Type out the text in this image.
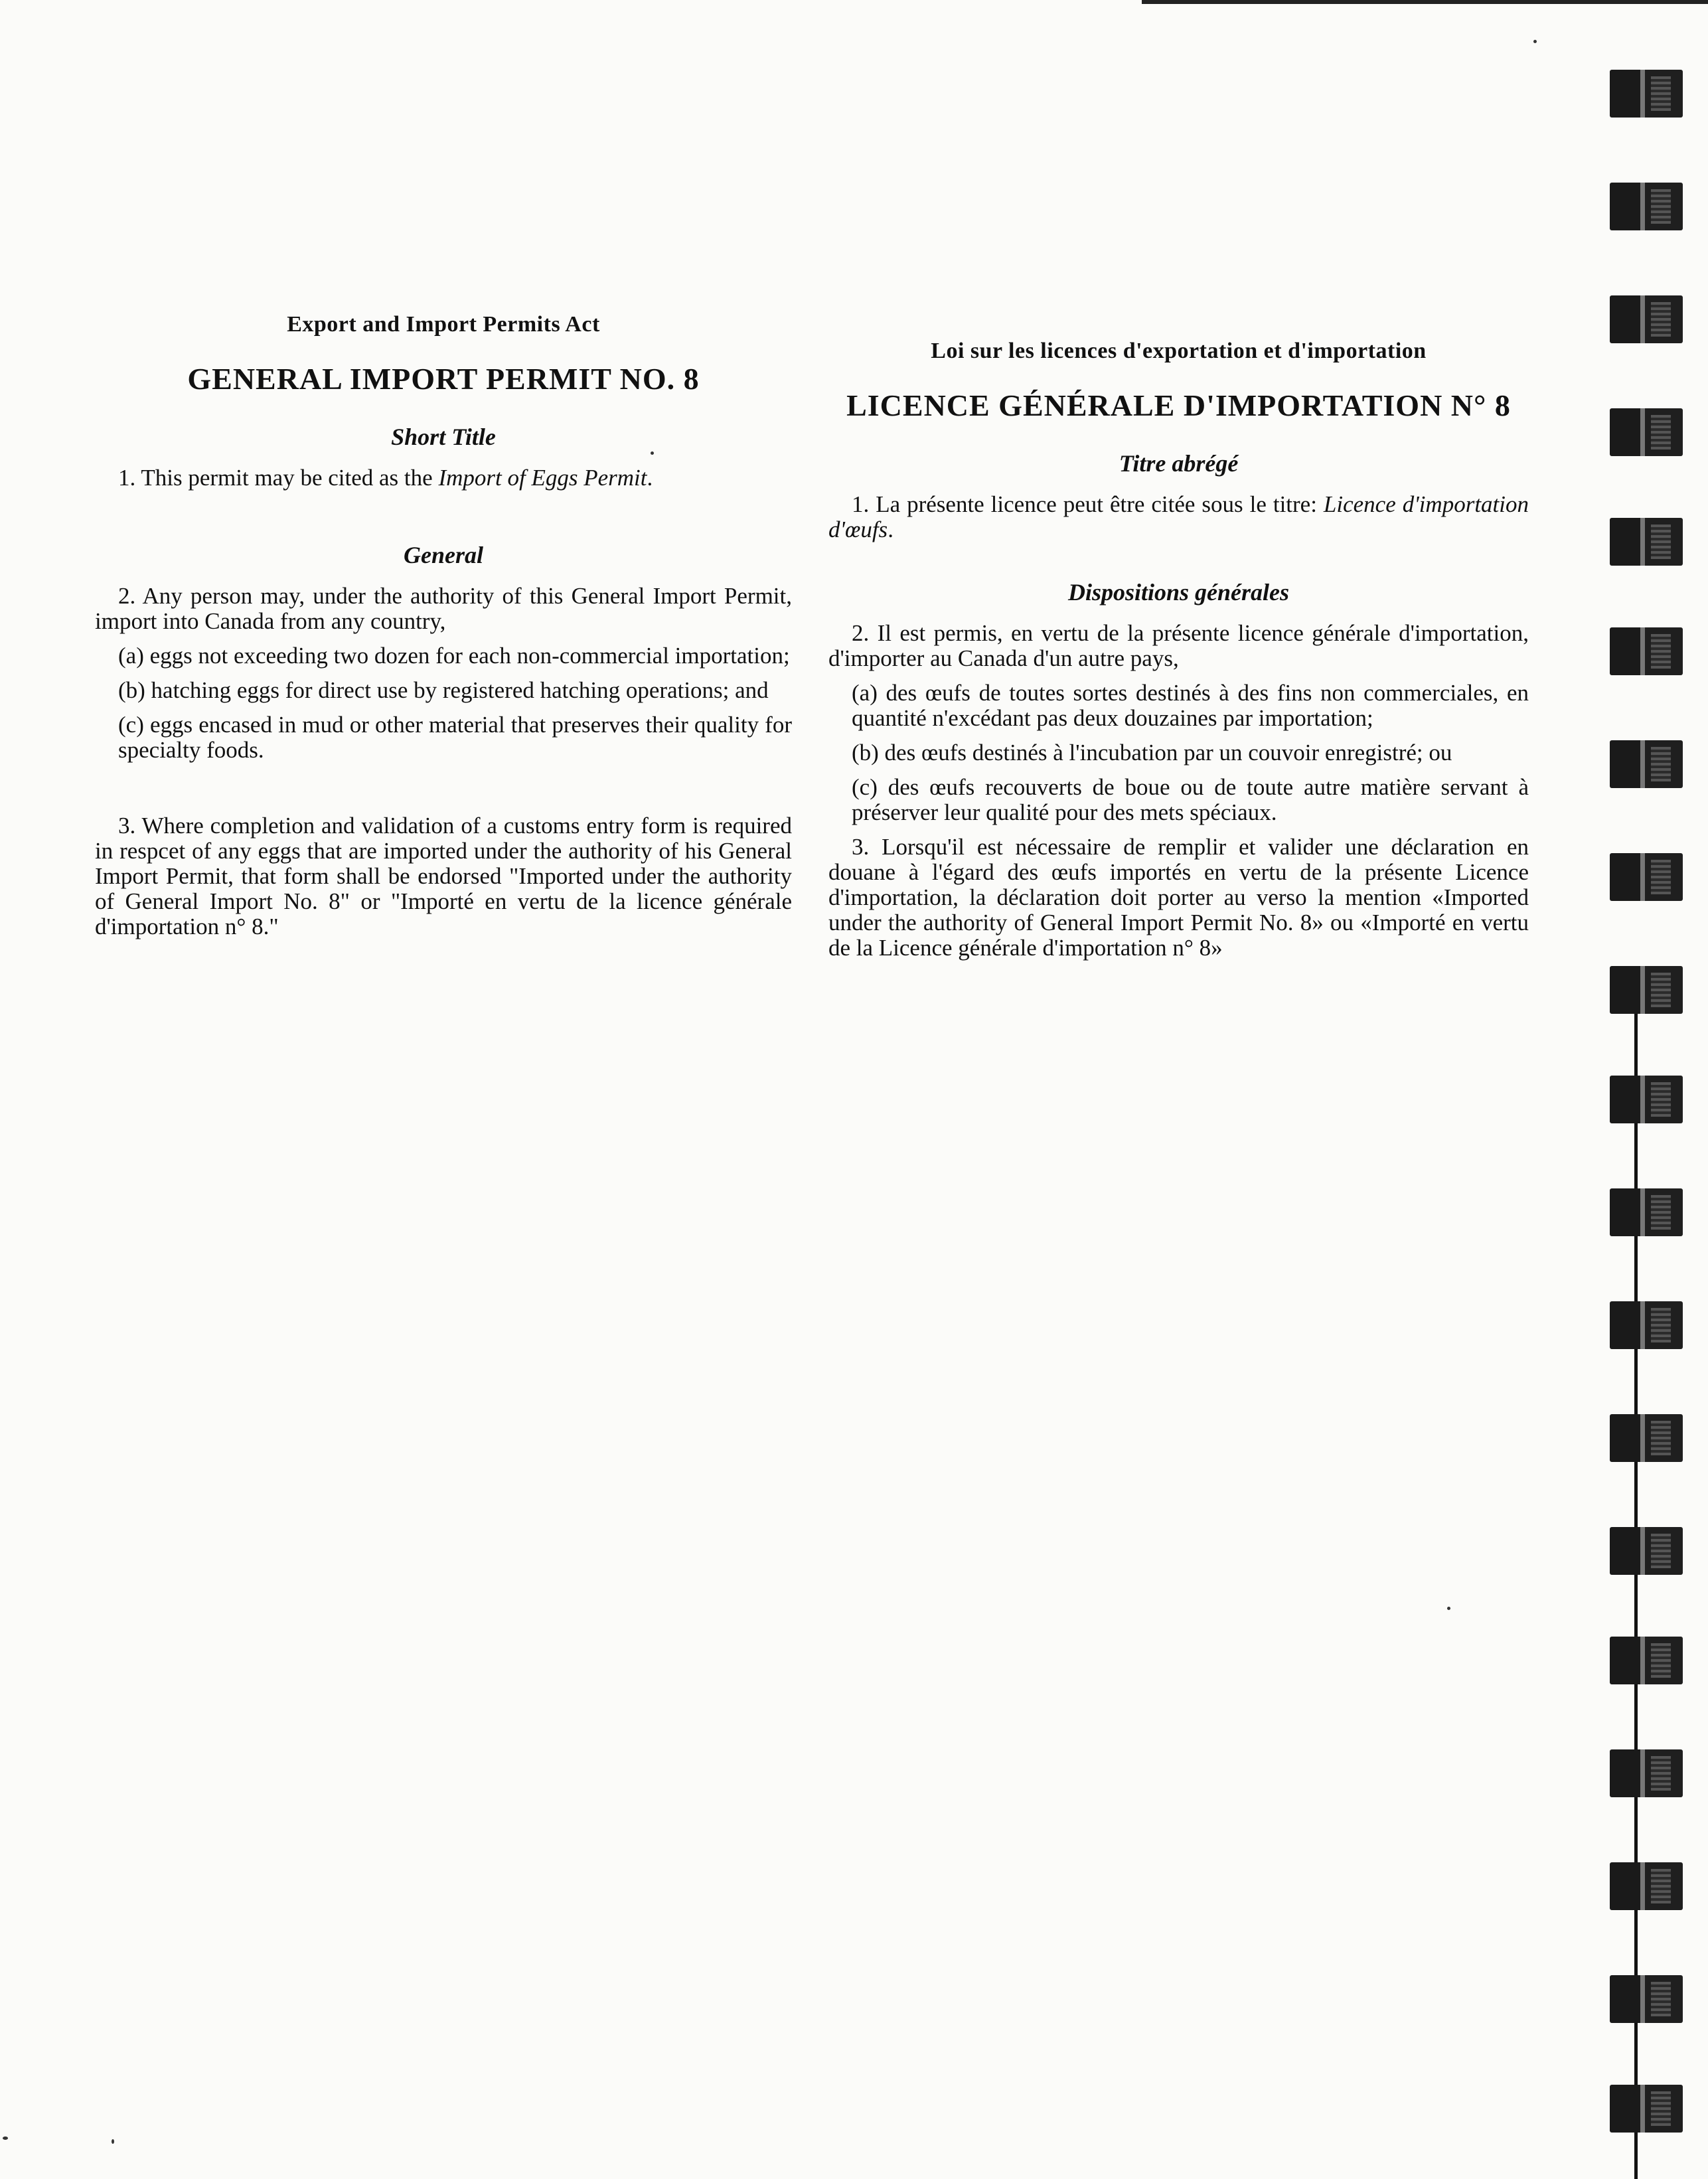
Export and Import Permits Act
GENERAL IMPORT PERMIT NO. 8
Short Title

1. This permit may be cited as the Import of Eggs Permit.

General

2. Any person may, under the authority of this General Import Permit, import into Canada from any country,

(a) eggs not exceeding two dozen for each non-commercial importation;

(b) hatching eggs for direct use by registered hatching operations; and

(c) eggs encased in mud or other material that preserves their quality for specialty foods.

3. Where completion and validation of a customs entry form is required in respcet of any eggs that are imported under the authority of his General Import Permit, that form shall be endorsed "Imported under the authority of General Import No. 8" or "Importé en vertu de la licence générale d'importation n° 8."

Loi sur les licences d'exportation et d'importation
LICENCE GÉNÉRALE D'IMPORTATION N° 8
Titre abrégé

1. La présente licence peut être citée sous le titre: Licence d'importation d'œufs.

Dispositions générales

2. Il est permis, en vertu de la présente licence générale d'importation, d'importer au Canada d'un autre pays,

(a) des œufs de toutes sortes destinés à des fins non commerciales, en quantité n'excédant pas deux douzaines par importation;

(b) des œufs destinés à l'incubation par un couvoir enregistré; ou

(c) des œufs recouverts de boue ou de toute autre matière servant à préserver leur qualité pour des mets spéciaux.

3. Lorsqu'il est nécessaire de remplir et valider une déclaration en douane à l'égard des œufs importés en vertu de la présente Licence d'importation, la déclaration doit porter au verso la mention «Imported under the authority of General Import Permit No. 8» ou «Importé en vertu de la Licence générale d'importation n° 8»
